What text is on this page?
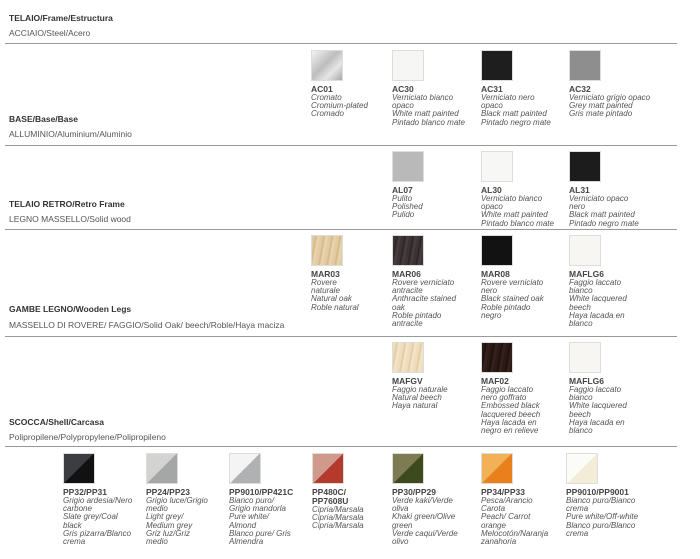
TELAIO/Frame/Estructura
ACCIAIO/Steel/Acero
BASE/Base/Base
ALLUMINIO/Aluminium/Aluminio
TELAIO RETRO/Retro Frame
LEGNO MASSELLO/Solid wood
GAMBE LEGNO/Wooden Legs
MASSELLO DI ROVERE/ FAGGIO/Solid Oak/ beech/Roble/Haya maciza
SCOCCA/Shell/Carcasa
Polipropilene/Polypropylene/Polipropileno
AC01
Cromato
Cromium-plated
Cromado
AC30
Verniciato bianco
opaco
White matt painted
Pintado blanco mate
AC31
Verniciato nero
opaco
Black matt painted
Pintado negro mate
AC32
Verniciato grigio opaco
Grey matt painted
Gris mate pintado
AL07
Pulito
Polished
Pulido
AL30
Verniciato bianco
opaco
White matt painted
Pintado blanco mate
AL31
Verniciato opaco
nero
Black matt painted
Pintado negro mate
MAR03
Rovere
naturale
Natural oak
Roble natural
MAR06
Rovere verniciato
antracite
Anthracite stained
oak
Roble pintado
antracite
MAR08
Rovere verniciato
nero
Black stained oak
Roble pintado
negro
MAFLG6
Faggio laccato
bianco
White lacquered
beech
Haya lacada en
blanco
MAFGV
Faggio naturale
Natural beech
Haya natural
MAF02
Faggio laccato
nero goffrato
Embossed black
lacquered beech
Haya lacada en
negro en relieve
MAFLG6
Faggio laccato
bianco
White lacquered
beech
Haya lacada en
blanco
PP32/PP31
Grigio ardesia/Nero
carbone
Slate grey/Coal
black
Gris pizarra/Blanco
crema
PP24/PP23
Grigio luce/Grigio
medio
Light grey/
Medium grey
Griz luz/Griz
medio
PP9010/PP421C
Bianco puro/
Grigio mandorla
Pure white/
Almond
Blanco pure/ Gris
Almendra
PP480C/
PP7608U
Cipria/Marsala
Cipria/Marsala
Cipria/Marsala
PP30/PP29
Verde kaki/Verde
oliva
Khaki green/Olive
green
Verde caqui/Verde
olivo
PP34/PP33
Pesca/Arancio
Carota
Peach/ Carrot
orange
Melocotón/Naranja
zanahoria
PP9010/PP9001
Bianco puro/Bianco
crema
Pure white/Off-white
Blanco puro/Blanco
crema
